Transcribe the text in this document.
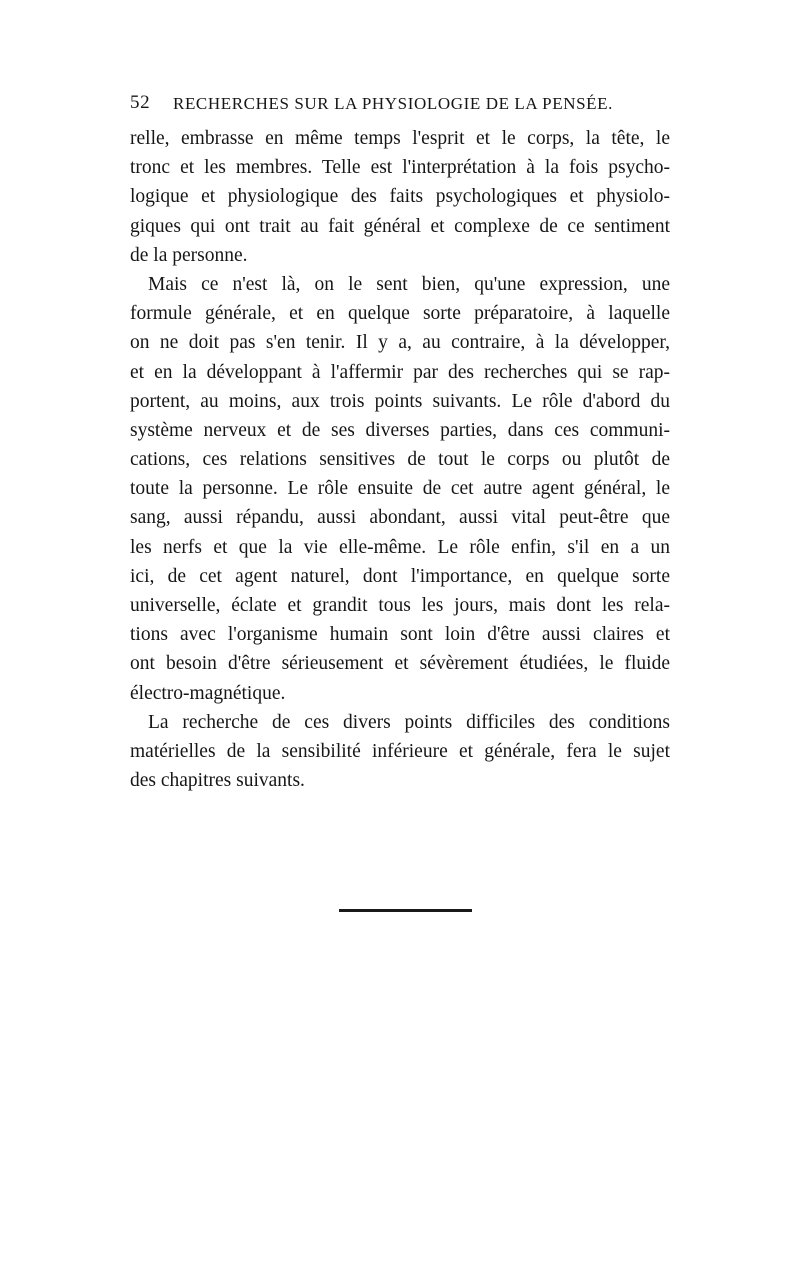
52 RECHERCHES SUR LA PHYSIOLOGIE DE LA PENSÉE.
relle, embrasse en même temps l'esprit et le corps, la tête, le
tronc et les membres. Telle est l'interprétation à la fois psycho-
logique et physiologique des faits psychologiques et physiolo-
giques qui ont trait au fait général et complexe de ce sentiment
de la personne.
Mais ce n'est là, on le sent bien, qu'une expression, une
formule générale, et en quelque sorte préparatoire, à laquelle
on ne doit pas s'en tenir. Il y a, au contraire, à la développer,
et en la développant à l'affermir par des recherches qui se rap-
portent, au moins, aux trois points suivants. Le rôle d'abord du
système nerveux et de ses diverses parties, dans ces communi-
cations, ces relations sensitives de tout le corps ou plutôt de
toute la personne. Le rôle ensuite de cet autre agent général, le
sang, aussi répandu, aussi abondant, aussi vital peut-être que
les nerfs et que la vie elle-même. Le rôle enfin, s'il en a un
ici, de cet agent naturel, dont l'importance, en quelque sorte
universelle, éclate et grandit tous les jours, mais dont les rela-
tions avec l'organisme humain sont loin d'être aussi claires et
ont besoin d'être sérieusement et sévèrement étudiées, le fluide
électro-magnétique.
La recherche de ces divers points difficiles des conditions
matérielles de la sensibilité inférieure et générale, fera le sujet
des chapitres suivants.
